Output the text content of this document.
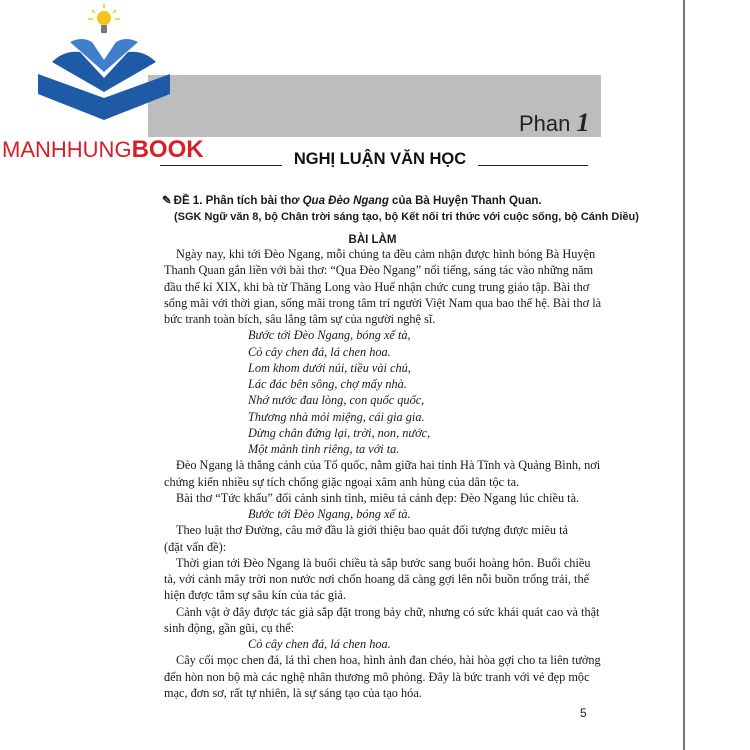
Phan 1
MANHHUNGBOOK	NGHỊ LUẬN VĂN HỌC
✎ ĐỀ 1. Phân tích bài thơ Qua Đèo Ngang của Bà Huyện Thanh Quan.
(SGK Ngữ văn 8, bộ Chân trời sáng tạo, bộ Kết nối tri thức với cuộc sống, bộ Cánh Diều)
BÀI LÀM
Ngày nay, khi tới Đèo Ngang, mỗi chúng ta đều cảm nhận được hình bóng Bà Huyện
Thanh Quan gắn liền với bài thơ: “Qua Đèo Ngang” nổi tiếng, sáng tác vào những năm
đầu thế kỉ XIX, khi bà từ Thăng Long vào Huế nhận chức cung trung giáo tập. Bài thơ
sống mãi với thời gian, sống mãi trong tâm trí người Việt Nam qua bao thế hệ. Bài thơ là
bức tranh toàn bích, sâu lắng tâm sự của người nghệ sĩ.
Bước tới Đèo Ngang, bóng xế tà,
Cỏ cây chen đá, lá chen hoa.
Lom khom dưới núi, tiều vài chú,
Lác đác bên sông, chợ mấy nhà.
Nhớ nước đau lòng, con quốc quốc,
Thương nhà mỏi miệng, cái gia gia.
Dừng chân đứng lại, trời, non, nước,
Một mảnh tình riêng, ta với ta.
Đèo Ngang là thắng cảnh của Tổ quốc, nằm giữa hai tỉnh Hà Tĩnh và Quảng Bình, nơi
chứng kiến nhiều sự tích chống giặc ngoại xâm anh hùng của dân tộc ta.
Bài thơ “Tức khẩu” đối cảnh sinh tình, miêu tả cảnh đẹp: Đèo Ngang lúc chiều tà.
Bước tới Đèo Ngang, bóng xế tà.
Theo luật thơ Đường, câu mở đầu là giới thiệu bao quát đối tượng được miêu tả
(đặt vấn đề):
Thời gian tới Đèo Ngang là buổi chiều tà sắp bước sang buổi hoàng hôn. Buổi chiều
tà, với cảnh mây trời non nước nơi chốn hoang dã càng gợi lên nỗi buồn trống trải, thể
hiện được tâm sự sâu kín của tác giả.
Cảnh vật ở đây được tác giả sắp đặt trong bảy chữ, nhưng có sức khái quát cao và thật
sinh động, gần gũi, cụ thể:
Cỏ cây chen đá, lá chen hoa.
Cây cối mọc chen đá, lá thì chen hoa, hình ảnh đan chéo, hài hòa gợi cho ta liên tưởng
đến hòn non bộ mà các nghệ nhân thương mô phỏng. Đây là bức tranh với vẻ đẹp mộc
mạc, đơn sơ, rất tự nhiên, là sự sáng tạo của tạo hóa.
5
